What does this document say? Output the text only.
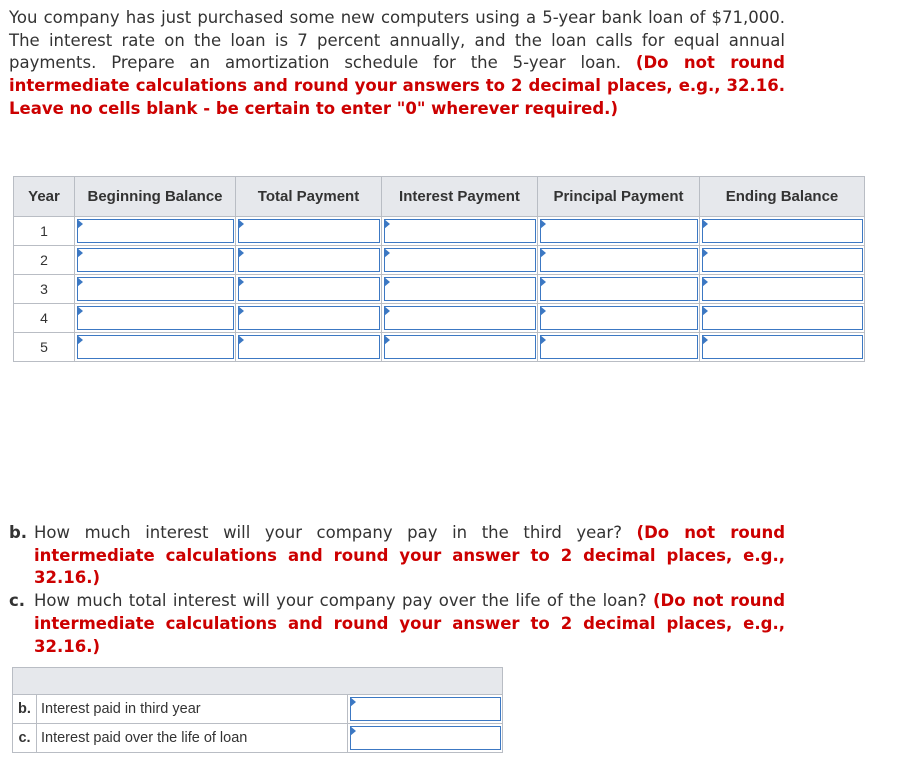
You company has just purchased some new computers using a 5-year bank loan of $71,000. The interest rate on the loan is 7 percent annually, and the loan calls for equal annual payments. Prepare an amortization schedule for the 5-year loan. (Do not round intermediate calculations and round your answers to 2 decimal places, e.g., 32.16. Leave no cells blank - be certain to enter "0" wherever required.)
Year	Beginning Balance	Total Payment	Interest Payment	Principal Payment	Ending Balance
1	

2	

3	

4	

5	

b. How much interest will your company pay in the third year? (Do not round intermediate calculations and round your answer to 2 decimal places, e.g., 32.16.)
c. How much total interest will your company pay over the life of the loan? (Do not round intermediate calculations and round your answer to 2 decimal places, e.g., 32.16.)

b.	Interest paid in third year	

c.	Interest paid over the life of loan	
